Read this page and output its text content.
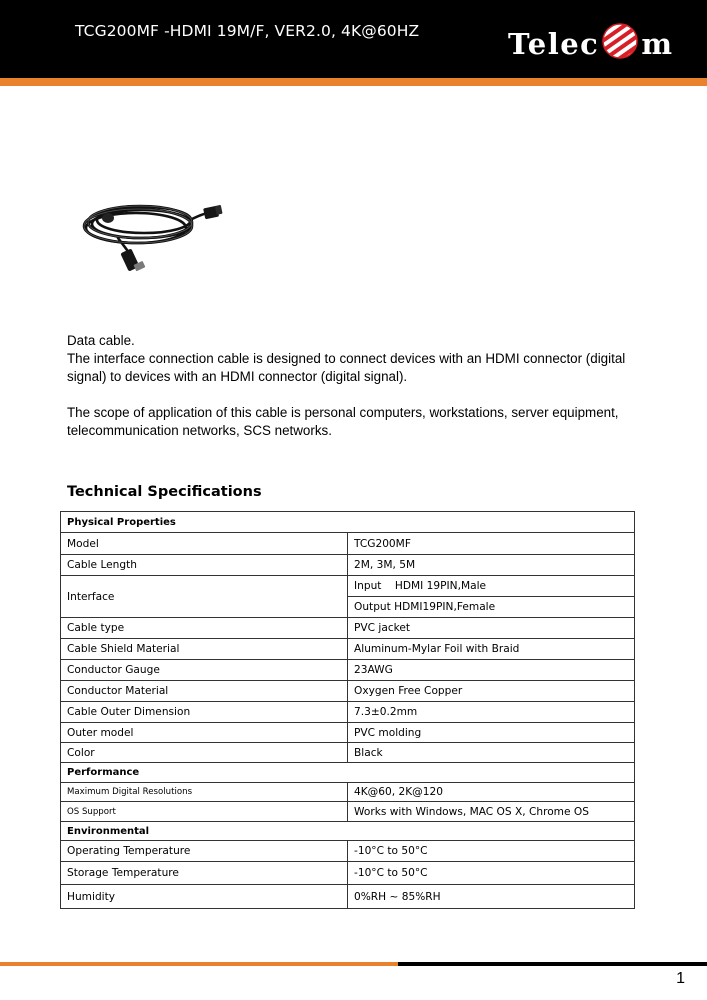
TCG200MF -HDMI 19M/F, VER2.0, 4K@60HZ	Telec m

Data cable.

The interface connection cable is designed to connect devices with an HDMI connector (digital signal) to devices with an HDMI connector (digital signal).

The scope of application of this cable is personal computers, workstations, server equipment, telecommunication networks, SCS networks.

Technical Specifications
Physical Properties	
Model	TCG200MF
Cable Length	2M, 3M, 5M
Interface	Input    HDMI 19PIN,Male
	Output HDMI19PIN,Female
Cable type	PVC jacket
Cable Shield Material	Aluminum-Mylar Foil with Braid
Conductor Gauge	23AWG
Conductor Material	Oxygen Free Copper
Cable Outer Dimension	7.3±0.2mm
Outer model	PVC molding
Color	Black
Performance	
Maximum Digital Resolutions	4K@60, 2K@120
OS Support	Works with Windows, MAC OS X, Chrome OS
Environmental	
Operating Temperature	-10°C to 50°C
Storage Temperature	-10°C to 50°C
Humidity	0%RH ~ 85%RH
1
